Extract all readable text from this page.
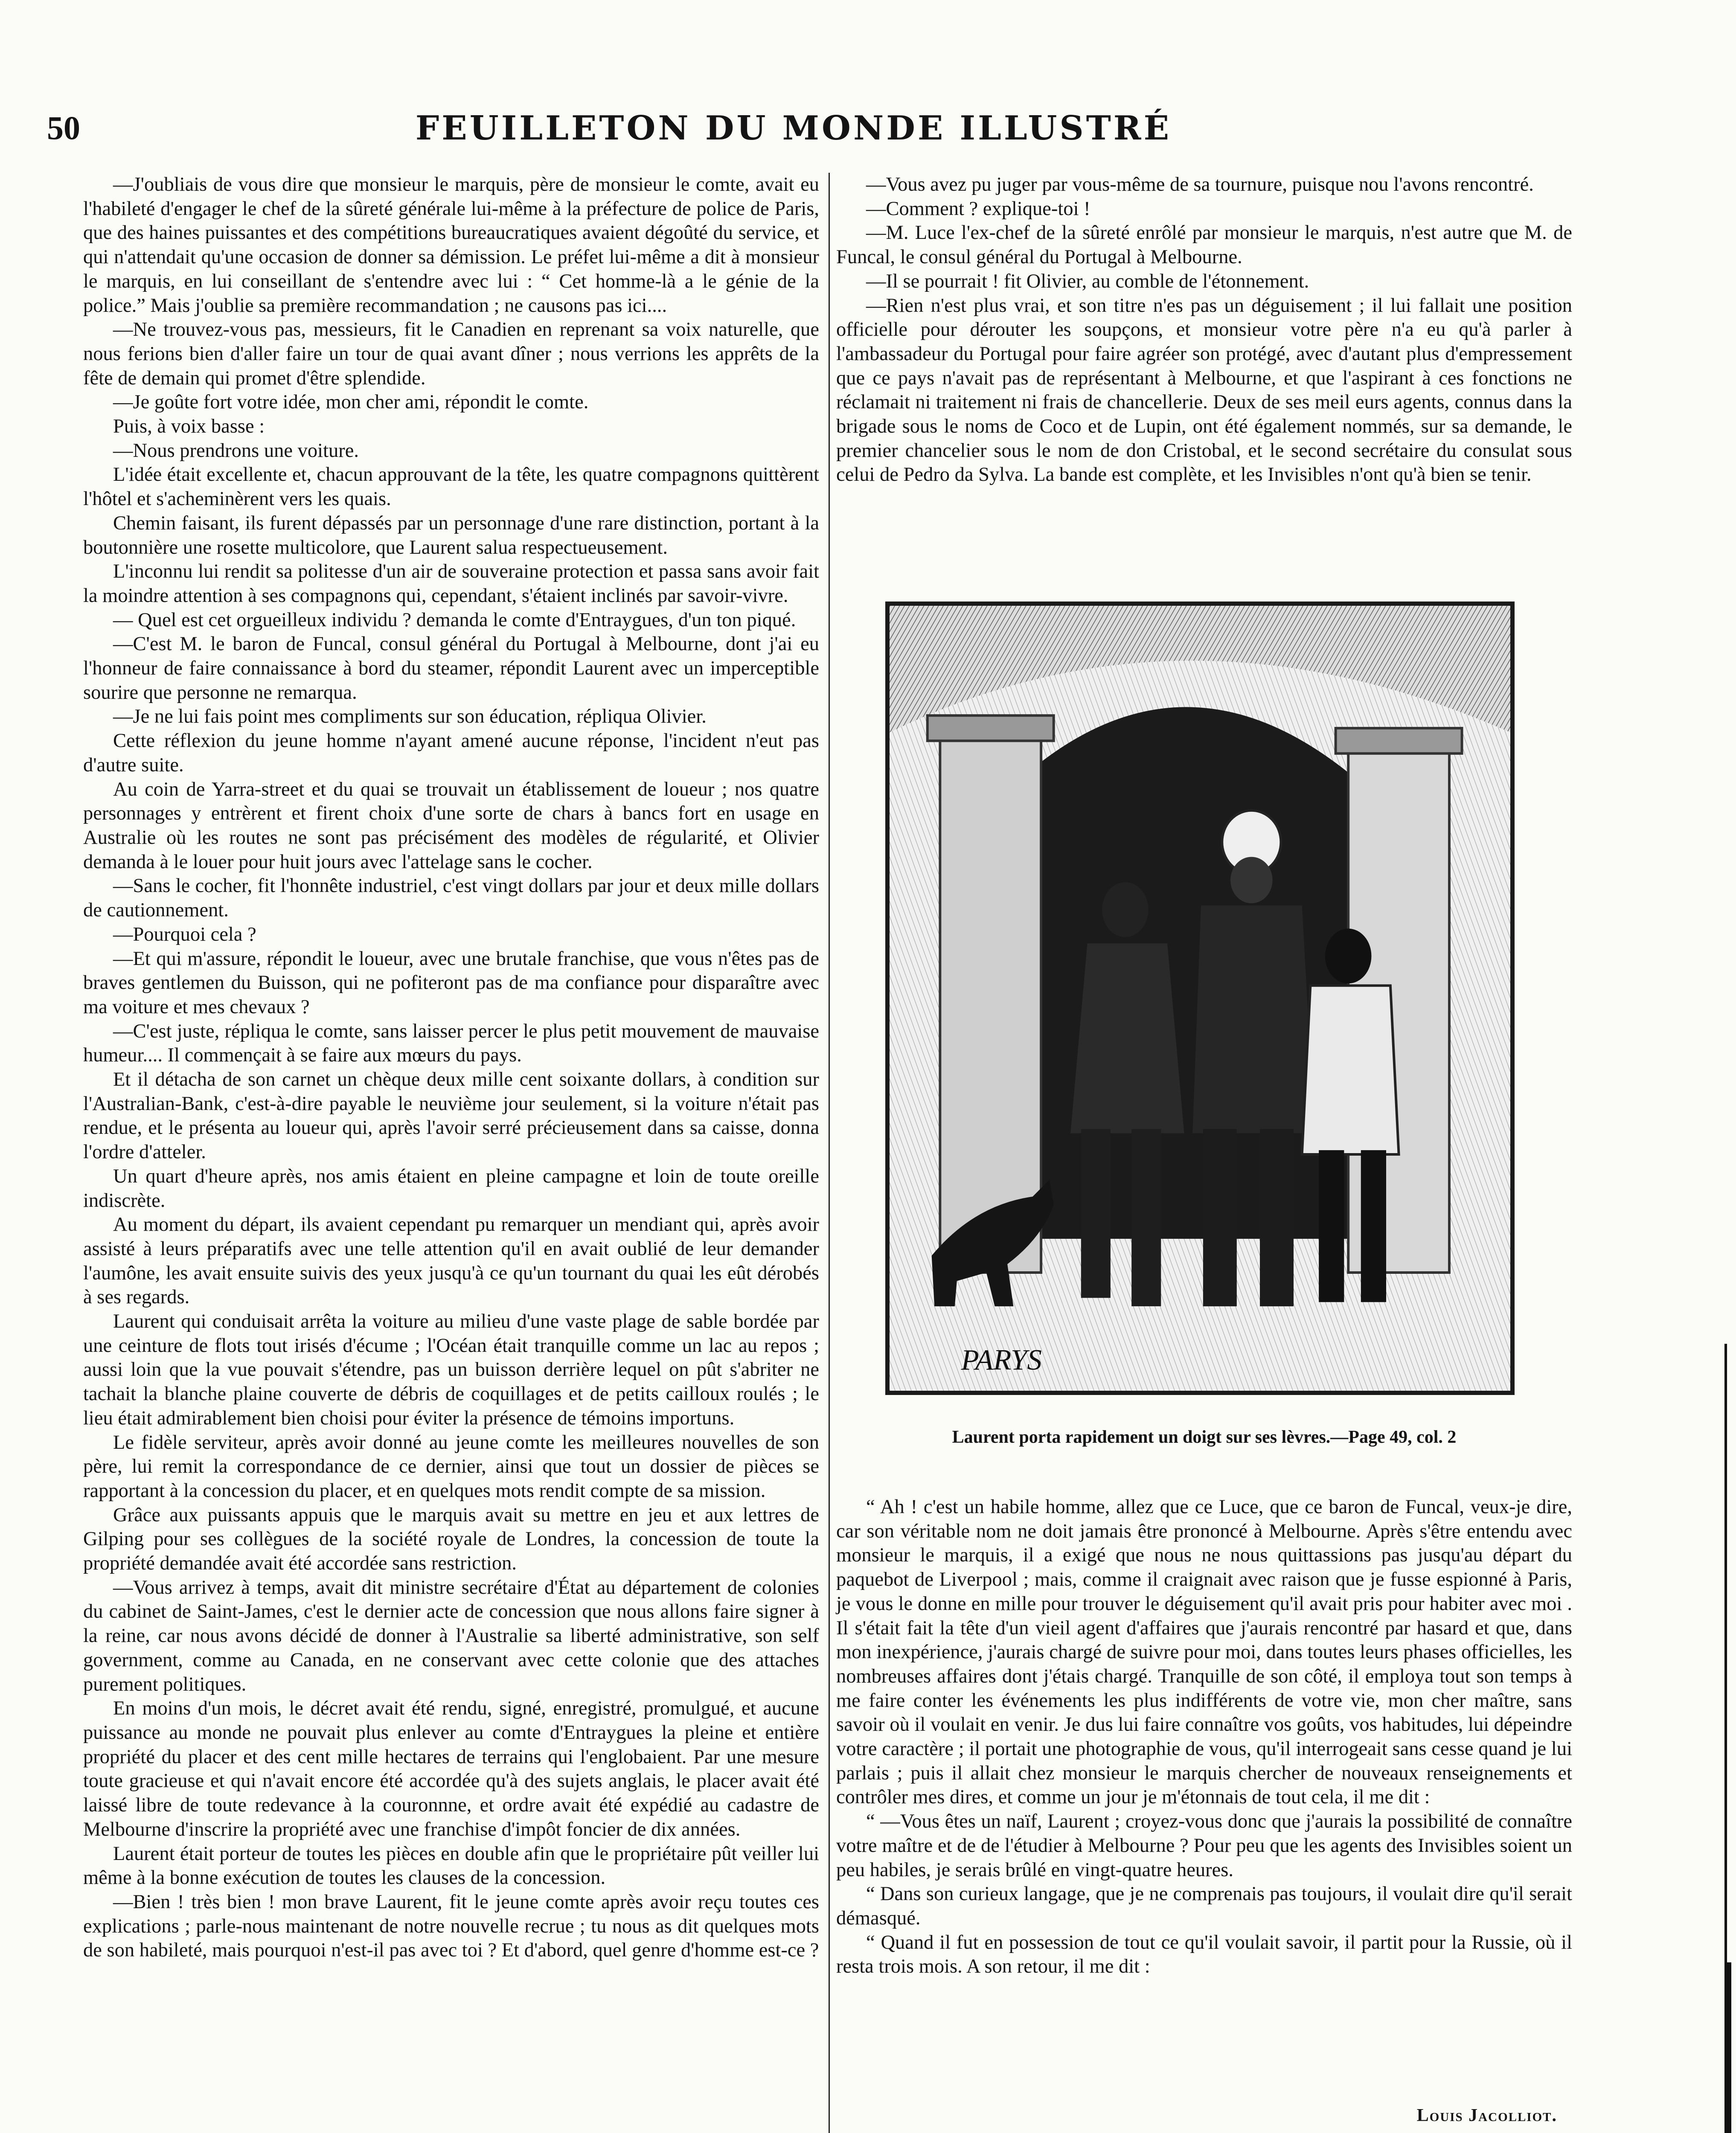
50	FEUILLETON DU MONDE ILLUSTRÉ

—J'oubliais de vous dire que monsieur le marquis, père de monsieur le comte, avait eu l'habileté d'engager le chef de la sûreté générale lui-même à la préfecture de police de Paris, que des haines puissantes et des compétitions bureaucratiques avaient dégoûté du service, et qui n'attendait qu'une occasion de donner sa démission. Le préfet lui-même a dit à monsieur le marquis, en lui conseillant de s'entendre avec lui : “ Cet homme-là a le génie de la police.” Mais j'oublie sa première recommandation ; ne causons pas ici....

—Ne trouvez-vous pas, messieurs, fit le Canadien en reprenant sa voix naturelle, que nous ferions bien d'aller faire un tour de quai avant dîner ; nous verrions les apprêts de la fête de demain qui promet d'être splendide.

—Je goûte fort votre idée, mon cher ami, répondit le comte.

Puis, à voix basse :

—Nous prendrons une voiture.

L'idée était excellente et, chacun approuvant de la tête, les quatre compagnons quittèrent l'hôtel et s'acheminèrent vers les quais.

Chemin faisant, ils furent dépassés par un personnage d'une rare distinction, portant à la boutonnière une rosette multicolore, que Laurent salua respectueusement.

L'inconnu lui rendit sa politesse d'un air de souveraine protection et passa sans avoir fait la moindre attention à ses compagnons qui, cependant, s'étaient inclinés par savoir-vivre.

— Quel est cet orgueilleux individu ? demanda le comte d'Entraygues, d'un ton piqué.

—C'est M. le baron de Funcal, consul général du Portugal à Melbourne, dont j'ai eu l'honneur de faire connaissance à bord du steamer, répondit Laurent avec un imperceptible sourire que personne ne remarqua.

—Je ne lui fais point mes compliments sur son éducation, répliqua Olivier.

Cette réflexion du jeune homme n'ayant amené aucune réponse, l'incident n'eut pas d'autre suite.

Au coin de Yarra-street et du quai se trouvait un établissement de loueur ; nos quatre personnages y entrèrent et firent choix d'une sorte de chars à bancs fort en usage en Australie où les routes ne sont pas précisément des modèles de régularité, et Olivier demanda à le louer pour huit jours avec l'attelage sans le cocher.

—Sans le cocher, fit l'honnête industriel, c'est vingt dollars par jour et deux mille dollars de cautionnement.

—Pourquoi cela ?

—Et qui m'assure, répondit le loueur, avec une brutale franchise, que vous n'êtes pas de braves gentlemen du Buisson, qui ne pofiteront pas de ma confiance pour disparaître avec ma voiture et mes chevaux ?

—C'est juste, répliqua le comte, sans laisser percer le plus petit mouvement de mauvaise humeur.... Il commençait à se faire aux mœurs du pays.

Et il détacha de son carnet un chèque deux mille cent soixante dollars, à condition sur l'Australian-Bank, c'est-à-dire payable le neuvième jour seulement, si la voiture n'était pas rendue, et le présenta au loueur qui, après l'avoir serré précieusement dans sa caisse, donna l'ordre d'atteler.

Un quart d'heure après, nos amis étaient en pleine campagne et loin de toute oreille indiscrète.

Au moment du départ, ils avaient cependant pu remarquer un mendiant qui, après avoir assisté à leurs préparatifs avec une telle attention qu'il en avait oublié de leur demander l'aumône, les avait ensuite suivis des yeux jusqu'à ce qu'un tournant du quai les eût dérobés à ses regards.

Laurent qui conduisait arrêta la voiture au milieu d'une vaste plage de sable bordée par une ceinture de flots tout irisés d'écume ; l'Océan était tranquille comme un lac au repos ; aussi loin que la vue pouvait s'étendre, pas un buisson derrière lequel on pût s'abriter ne tachait la blanche plaine couverte de débris de coquillages et de petits cailloux roulés ; le lieu était admirablement bien choisi pour éviter la présence de témoins importuns.

Le fidèle serviteur, après avoir donné au jeune comte les meilleures nouvelles de son père, lui remit la correspondance de ce dernier, ainsi que tout un dossier de pièces se rapportant à la concession du placer, et en quelques mots rendit compte de sa mission.

Grâce aux puissants appuis que le marquis avait su mettre en jeu et aux lettres de Gilping pour ses collègues de la société royale de Londres, la concession de toute la propriété demandée avait été accordée sans restriction.

—Vous arrivez à temps, avait dit ministre secrétaire d'État au département de colonies du cabinet de Saint-James, c'est le dernier acte de concession que nous allons faire signer à la reine, car nous avons décidé de donner à l'Australie sa liberté administrative, son self government, comme au Canada, en ne conservant avec cette colonie que des attaches purement politiques.

En moins d'un mois, le décret avait été rendu, signé, enregistré, promulgué, et aucune puissance au monde ne pouvait plus enlever au comte d'Entraygues la pleine et entière propriété du placer et des cent mille hectares de terrains qui l'englobaient. Par une mesure toute gracieuse et qui n'avait encore été accordée qu'à des sujets anglais, le placer avait été laissé libre de toute redevance à la couronnne, et ordre avait été expédié au cadastre de Melbourne d'inscrire la propriété avec une franchise d'impôt foncier de dix années.

Laurent était porteur de toutes les pièces en double afin que le propriétaire pût veiller lui même à la bonne exécution de toutes les clauses de la concession.

—Bien ! très bien ! mon brave Laurent, fit le jeune comte après avoir reçu toutes ces explications ; parle-nous maintenant de notre nouvelle recrue ; tu nous as dit quelques mots de son habileté, mais pourquoi n'est-il pas avec toi ? Et d'abord, quel genre d'homme est-ce ?

—Vous avez pu juger par vous-même de sa tournure, puisque nou l'avons rencontré.

—Comment ? explique-toi !

—M. Luce l'ex-chef de la sûreté enrôlé par monsieur le marquis, n'est autre que M. de Funcal, le consul général du Portugal à Melbourne.

—Il se pourrait ! fit Olivier, au comble de l'étonnement.

—Rien n'est plus vrai, et son titre n'es pas un déguisement ; il lui fallait une position officielle pour dérouter les soupçons, et monsieur votre père n'a eu qu'à parler à l'ambassadeur du Portugal pour faire agréer son protégé, avec d'autant plus d'empressement que ce pays n'avait pas de représentant à Melbourne, et que l'aspirant à ces fonctions ne réclamait ni traitement ni frais de chancellerie. Deux de ses meil eurs agents, connus dans la brigade sous le noms de Coco et de Lupin, ont été également nommés, sur sa demande, le premier chancelier sous le nom de don Cristobal, et le second secrétaire du consulat sous celui de Pedro da Sylva. La bande est complète, et les Invisibles n'ont qu'à bien se tenir.

PARYS
Laurent porta rapidement un doigt sur ses lèvres.—Page 49, col. 2

“ Ah ! c'est un habile homme, allez que ce Luce, que ce baron de Funcal, veux-je dire, car son véritable nom ne doit jamais être prononcé à Melbourne. Après s'être entendu avec monsieur le marquis, il a exigé que nous ne nous quittassions pas jusqu'au départ du paquebot de Liverpool ; mais, comme il craignait avec raison que je fusse espionné à Paris, je vous le donne en mille pour trouver le déguisement qu'il avait pris pour habiter avec moi . Il s'était fait la tête d'un vieil agent d'affaires que j'aurais rencontré par hasard et que, dans mon inexpérience, j'aurais chargé de suivre pour moi, dans toutes leurs phases officielles, les nombreuses affaires dont j'étais chargé. Tranquille de son côté, il employa tout son temps à me faire conter les événements les plus indifférents de votre vie, mon cher maître, sans savoir où il voulait en venir. Je dus lui faire connaître vos goûts, vos habitudes, lui dépeindre votre caractère ; il portait une photographie de vous, qu'il interrogeait sans cesse quand je lui parlais ; puis il allait chez monsieur le marquis chercher de nouveaux renseignements et contrôler mes dires, et comme un jour je m'étonnais de tout cela, il me dit :

“ —Vous êtes un naïf, Laurent ; croyez-vous donc que j'aurais la possibilité de connaître votre maître et de de l'étudier à Melbourne ? Pour peu que les agents des Invisibles soient un peu habiles, je serais brûlé en vingt-quatre heures.

“ Dans son curieux langage, que je ne comprenais pas toujours, il voulait dire qu'il serait démasqué.

“ Quand il fut en possession de tout ce qu'il voulait savoir, il partit pour la Russie, où il resta trois mois. A son retour, il me dit :

Louis Jacolliot.
